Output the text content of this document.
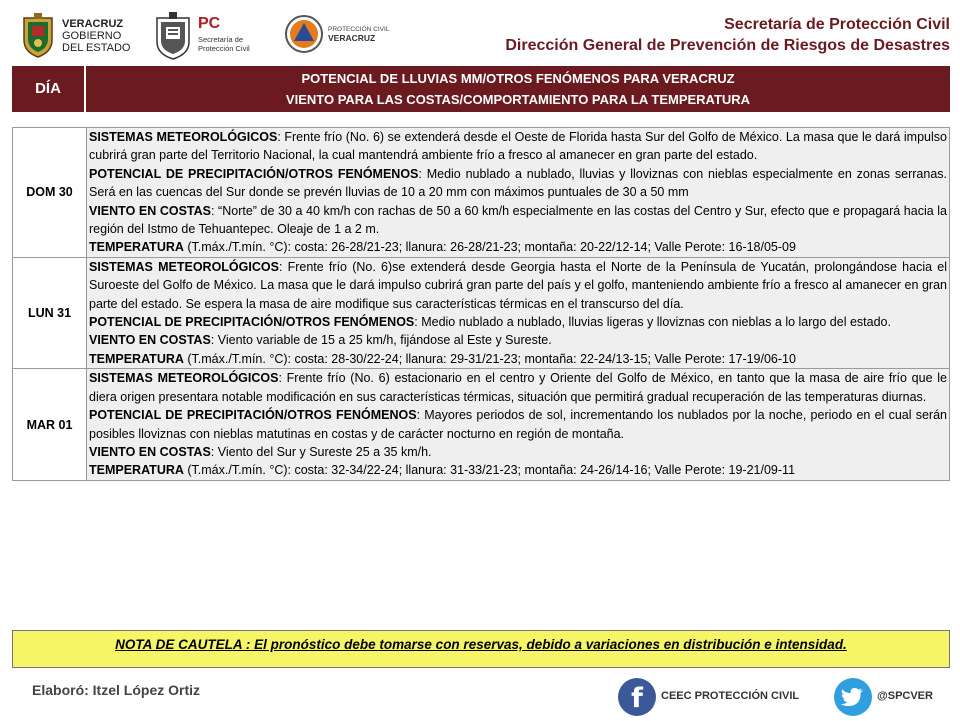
VERACRUZ
GOBIERNO
DEL ESTADO
PC
Secretaría de
Protección Civil
PROTECCIÓN CIVIL
VERACRUZ
Secretaría de Protección Civil
Dirección General de Prevención de Riesgos de Desastres
DÍA
POTENCIAL DE LLUVIAS MM/OTROS FENÓMENOS PARA VERACRUZ
VIENTO PARA LAS COSTAS/COMPORTAMIENTO PARA LA TEMPERATURA
DOM 30	SISTEMAS METEOROLÓGICOS: Frente frío (No. 6) se extenderá desde el Oeste de Florida hasta Sur del Golfo de México. La masa que le dará impulso cubrirá gran parte del Territorio Nacional, la cual mantendrá ambiente frío a fresco al amanecer en gran parte del estado.

POTENCIAL DE PRECIPITACIÓN/OTROS FENÓMENOS: Medio nublado a nublado, lluvias y lloviznas con nieblas especialmente en zonas serranas. Será en las cuencas del Sur donde se prevén lluvias de 10 a 20 mm con máximos puntuales de 30 a 50 mm

VIENTO EN COSTAS: “Norte” de 30 a 40 km/h con rachas de 50 a 60 km/h especialmente en las costas del Centro y Sur, efecto que e propagará hacia la región del Istmo de Tehuantepec. Oleaje de 1 a 2 m.

TEMPERATURA (T.máx./T.mín. °C): costa: 26-28/21-23; llanura: 26-28/21-23; montaña: 20-22/12-14; Valle Perote: 16-18/05-09

LUN 31	SISTEMAS METEOROLÓGICOS: Frente frío (No. 6)se extenderá desde Georgia hasta el Norte de la Península de Yucatán, prolongándose hacia el Suroeste del Golfo de México. La masa que le dará impulso cubrirá gran parte del país y el golfo, manteniendo ambiente frío a fresco al amanecer en gran parte del estado. Se espera la masa de aire modifique sus características térmicas en el transcurso del día.

POTENCIAL DE PRECIPITACIÓN/OTROS FENÓMENOS: Medio nublado a nublado, lluvias ligeras y lloviznas con nieblas a lo largo del estado.

VIENTO EN COSTAS: Viento variable de 15 a 25 km/h, fijándose al Este y Sureste.

TEMPERATURA (T.máx./T.mín. °C): costa: 28-30/22-24; llanura: 29-31/21-23; montaña: 22-24/13-15; Valle Perote: 17-19/06-10

MAR 01	SISTEMAS METEOROLÓGICOS: Frente frío (No. 6) estacionario en el centro y Oriente del Golfo de México, en tanto que la masa de aire frío que le diera origen presentara notable modificación en sus características térmicas, situación que permitirá gradual recuperación de las temperaturas diurnas.

POTENCIAL DE PRECIPITACIÓN/OTROS FENÓMENOS: Mayores periodos de sol, incrementando los nublados por la noche, periodo en el cual serán posibles lloviznas con nieblas matutinas en costas y de carácter nocturno en región de montaña.

VIENTO EN COSTAS: Viento del Sur y Sureste 25 a 35 km/h.

TEMPERATURA (T.máx./T.mín. °C): costa: 32-34/22-24; llanura: 31-33/21-23; montaña: 24-26/14-16; Valle Perote: 19-21/09-11

NOTA DE CAUTELA : El pronóstico debe tomarse con reservas, debido a variaciones en distribución e intensidad.
Elaboró: Itzel López Ortiz	f	CEEC PROTECCIÓN CIVIL	@SPCVER
